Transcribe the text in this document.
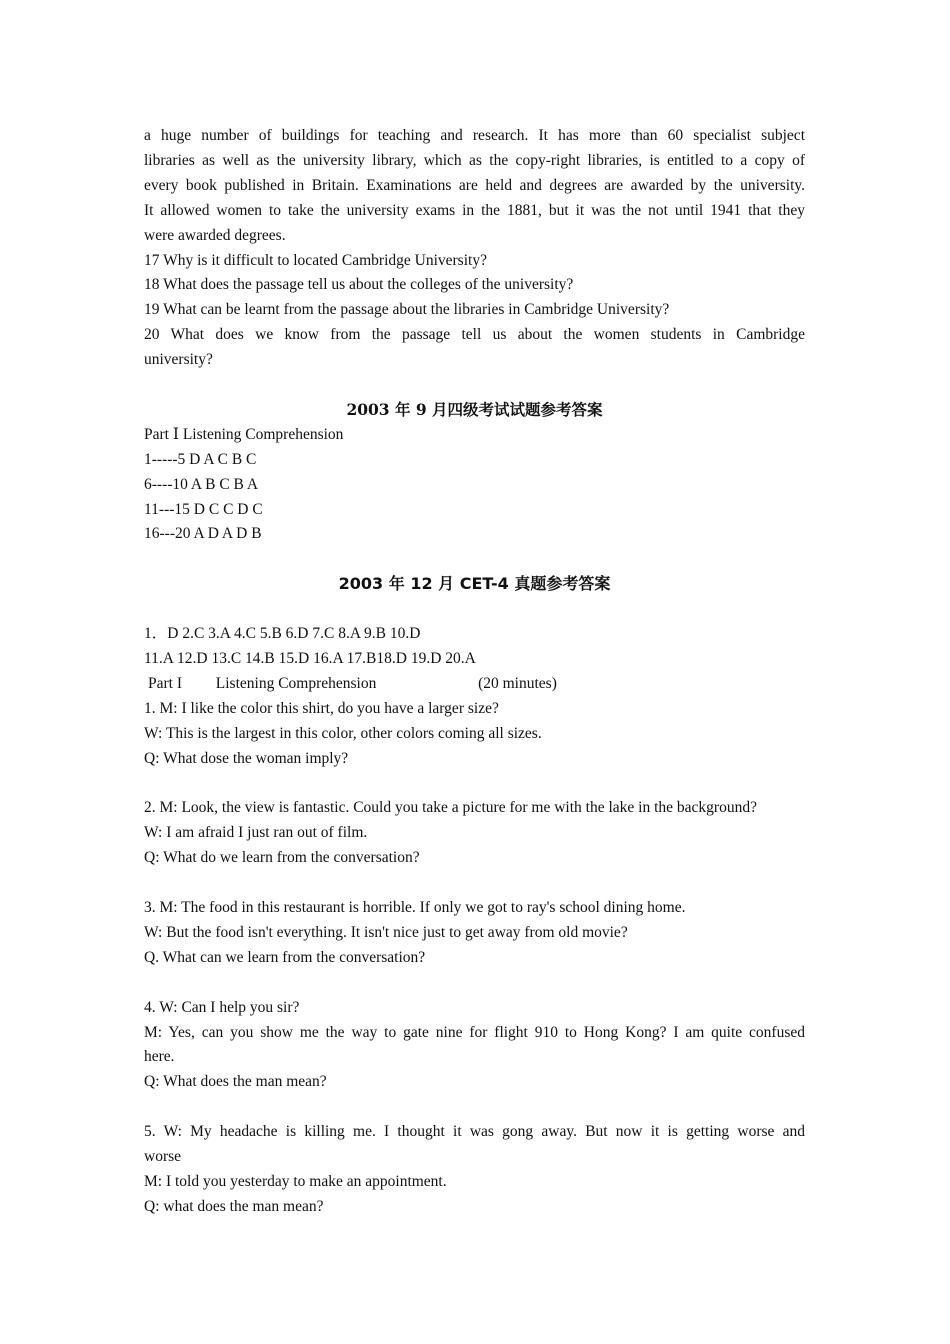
a huge number of buildings for teaching and research. It has more than 60 specialist subject
libraries as well as the university library, which as the copy-right libraries, is entitled to a copy of
every book published in Britain. Examinations are held and degrees are awarded by the university.
It allowed women to take the university exams in the 1881, but it was the not until 1941 that they
were awarded degrees.
17 Why is it difficult to located Cambridge University?
18 What does the passage tell us about the colleges of the university?
19 What can be learnt from the passage about the libraries in Cambridge University?
20 What does we know from the passage tell us about the women students in Cambridge
university?
2003 年 9 月四级考试试题参考答案
Part Ⅰ Listening Comprehension
1-----5 D A C B C
6----10 A B C B A
11---15 D C C D C
16---20 A D A D B
2003 年 12 月 CET-4 真题参考答案
1．D 2.C 3.A 4.C 5.B 6.D 7.C 8.A 9.B 10.D
11.A 12.D 13.C 14.B 15.D 16.A 17.B18.D 19.D 20.A
Part I Listening Comprehension	(20 minutes)
1. M: I like the color this shirt, do you have a larger size?
W: This is the largest in this color, other colors coming all sizes.
Q: What dose the woman imply?
2. M: Look, the view is fantastic. Could you take a picture for me with the lake in the background?
W: I am afraid I just ran out of film.
Q: What do we learn from the conversation?
3. M: The food in this restaurant is horrible. If only we got to ray's school dining home.
W: But the food isn't everything. It isn't nice just to get away from old movie?
Q. What can we learn from the conversation?
4. W: Can I help you sir?
M: Yes, can you show me the way to gate nine for flight 910 to Hong Kong? I am quite confused
here.
Q: What does the man mean?
5. W: My headache is killing me. I thought it was gong away. But now it is getting worse and
worse
M: I told you yesterday to make an appointment.
Q: what does the man mean?
